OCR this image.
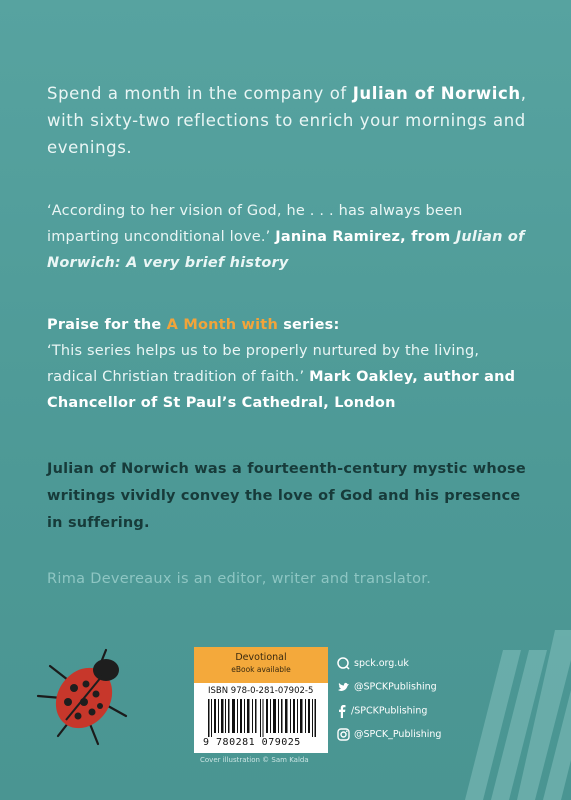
Spend a month in the company of Julian of Norwich, with sixty-two reflections to enrich your mornings and evenings.
‘According to her vision of God, he . . . has always been imparting unconditional love.’ Janina Ramirez, from Julian of Norwich: A very brief history
Praise for the A Month with series:
‘This series helps us to be properly nurtured by the living, radical Christian tradition of faith.’ Mark Oakley, author and Chancellor of St Paul’s Cathedral, London
Julian of Norwich was a fourteenth-century mystic whose writings vividly convey the love of God and his presence in suffering.
Rima Devereaux is an editor, writer and translator.
Devotional
eBook available
ISBN 978-0-281-07902-5
9 780281 079025
Cover illustration © Sam Kalda
spck.org.uk
@SPCKPublishing
/SPCKPublishing
@SPCK_Publishing
